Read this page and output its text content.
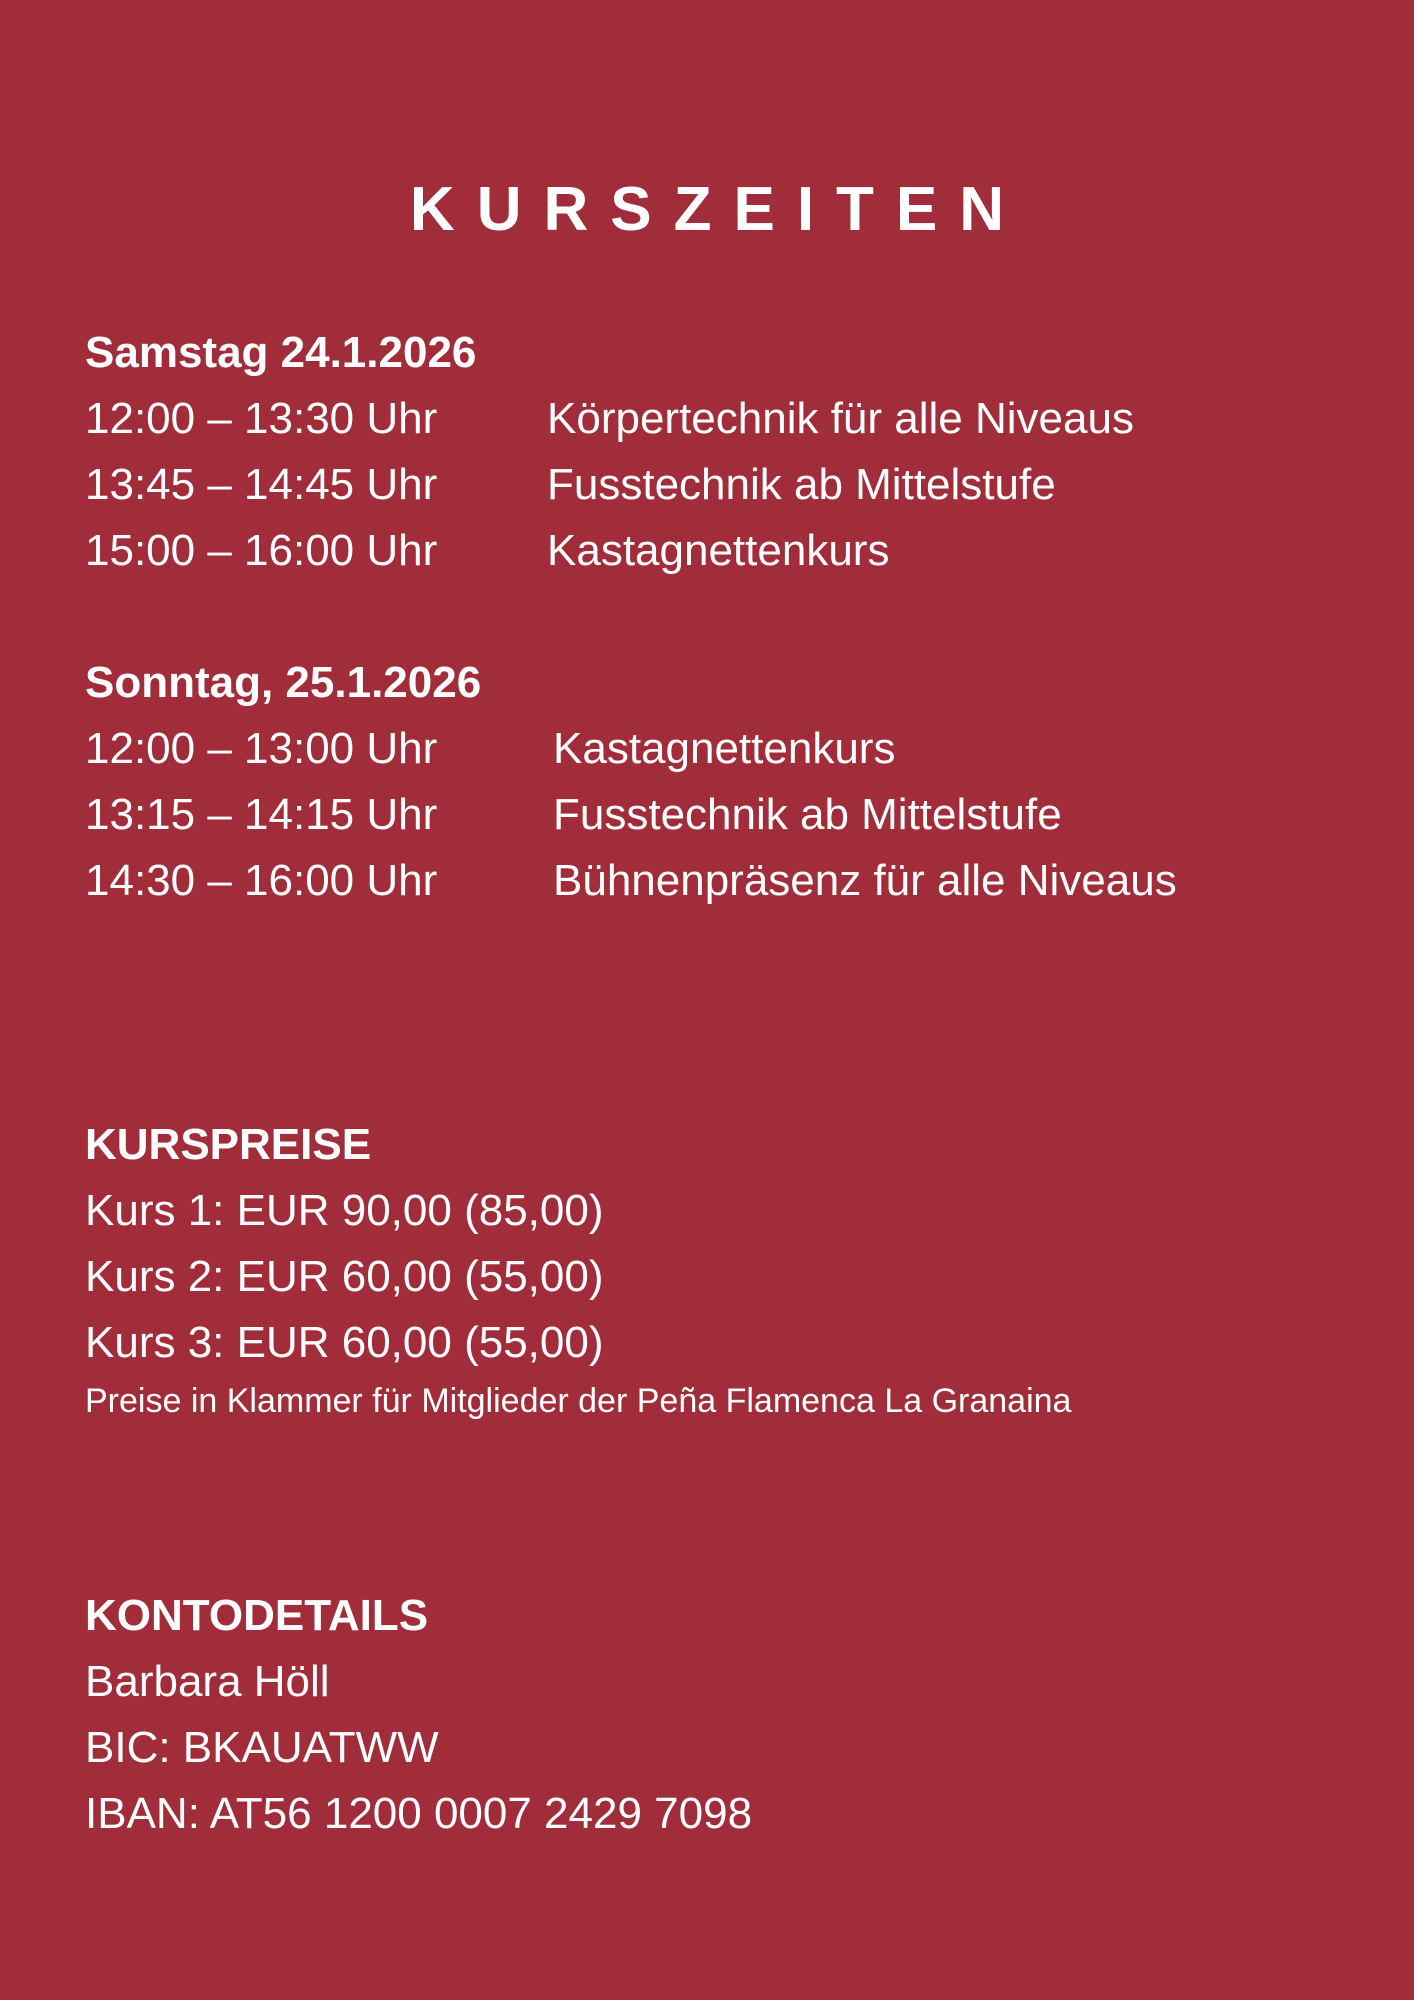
KURSZEITEN
Samstag 24.1.2026
12:00 – 13:30 Uhr	Körpertechnik für alle Niveaus
13:45 – 14:45 Uhr	Fusstechnik ab Mittelstufe
15:00 – 16:00 Uhr	Kastagnettenkurs
Sonntag, 25.1.2026
12:00 – 13:00 Uhr	Kastagnettenkurs
13:15 – 14:15 Uhr	Fusstechnik ab Mittelstufe
14:30 – 16:00 Uhr	Bühnenpräsenz für alle Niveaus
KURSPREISE
Kurs 1: EUR 90,00 (85,00)
Kurs 2: EUR 60,00 (55,00)
Kurs 3: EUR 60,00 (55,00)
Preise in Klammer für Mitglieder der Peña Flamenca La Granaina
KONTODETAILS
Barbara Höll
BIC: BKAUATWW
IBAN: AT56 1200 0007 2429 7098
